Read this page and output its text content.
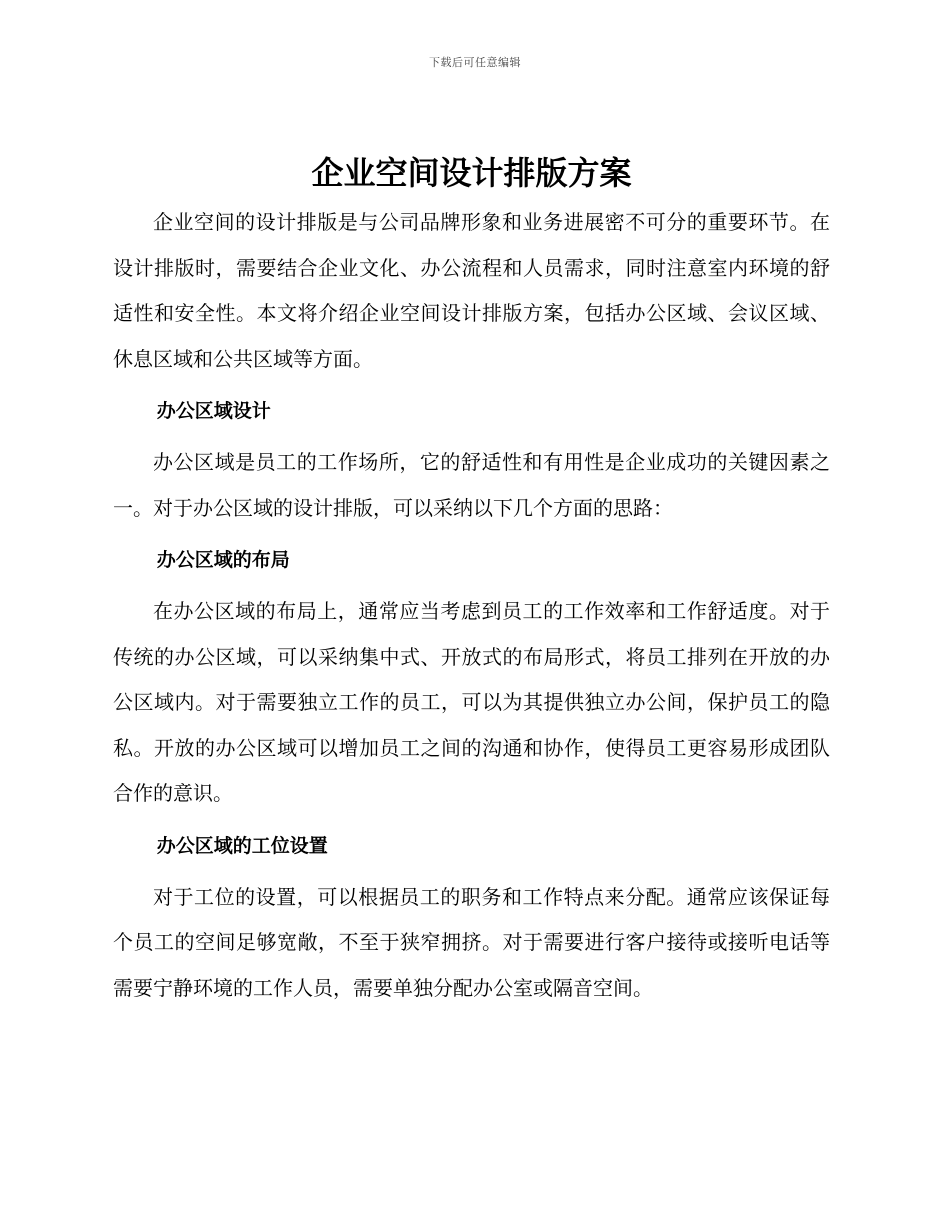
下载后可任意编辑
企业空间设计排版方案

企业空间的设计排版是与公司品牌形象和业务进展密不可分的重要环节。在设计排版时，需要结合企业文化、办公流程和人员需求，同时注意室内环境的舒适性和安全性。本文将介绍企业空间设计排版方案，包括办公区域、会议区域、休息区域和公共区域等方面。

办公区域设计

办公区域是员工的工作场所，它的舒适性和有用性是企业成功的关键因素之一。对于办公区域的设计排版，可以采纳以下几个方面的思路：

办公区域的布局

在办公区域的布局上，通常应当考虑到员工的工作效率和工作舒适度。对于传统的办公区域，可以采纳集中式、开放式的布局形式，将员工排列在开放的办公区域内。对于需要独立工作的员工，可以为其提供独立办公间，保护员工的隐私。开放的办公区域可以增加员工之间的沟通和协作，使得员工更容易形成团队合作的意识。

办公区域的工位设置

对于工位的设置，可以根据员工的职务和工作特点来分配。通常应该保证每个员工的空间足够宽敞，不至于狭窄拥挤。对于需要进行客户接待或接听电话等需要宁静环境的工作人员，需要单独分配办公室或隔音空间。
